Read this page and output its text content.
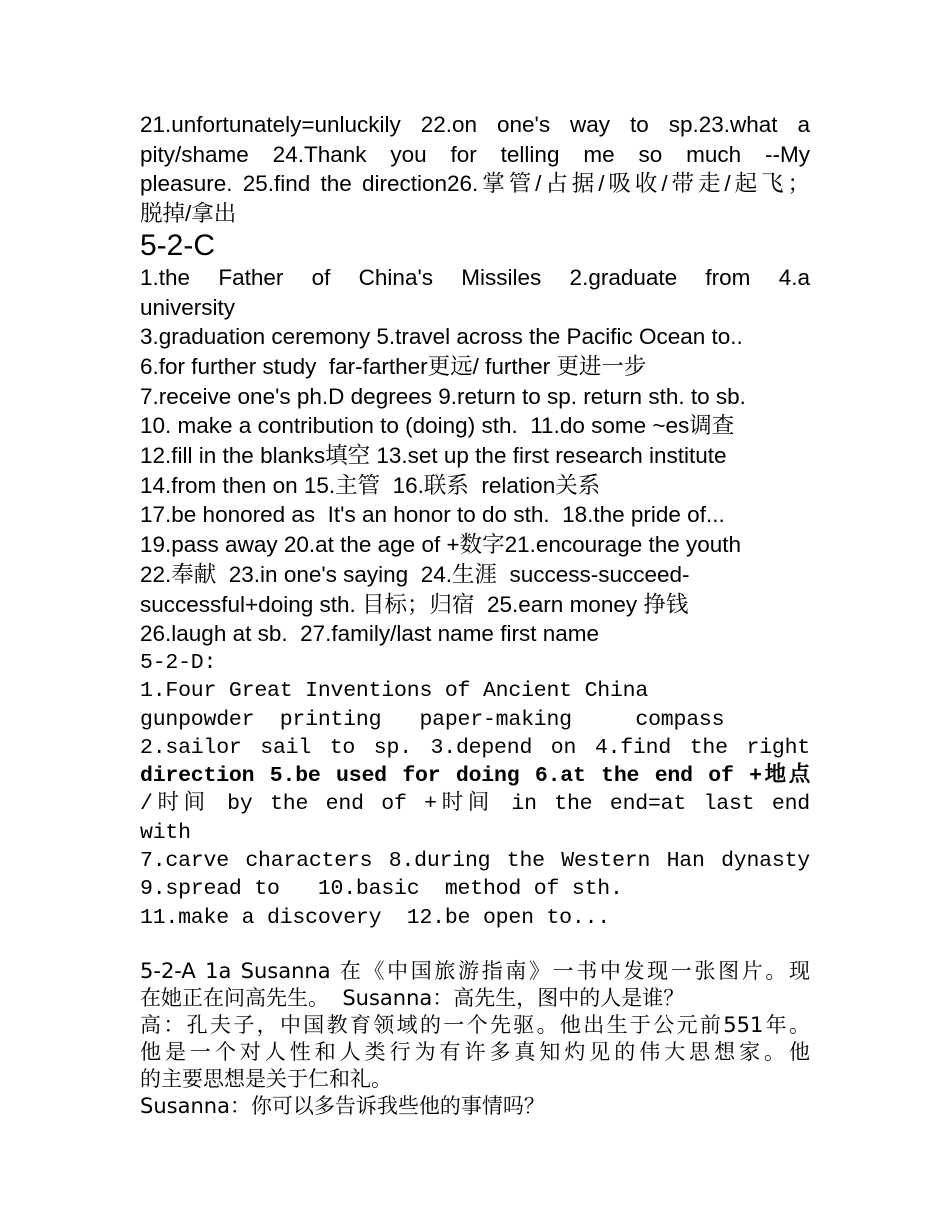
21.unfortunately=unluckily 22.on one's way to sp.23.what a
pity/shame 24.Thank you for telling me so much --My
pleasure. 25.find the direction26.掌管/占据/吸收/带走/起飞；
脱掉/拿出
5-2-C
1.the Father of China's Missiles 2.graduate from 4.a
university
3.graduation ceremony 5.travel across the Pacific Ocean to..
6.for further study  far-farther更远/ further 更进一步
7.receive one's ph.D degrees 9.return to sp. return sth. to sb.
10. make a contribution to (doing) sth.  11.do some ~es调查
12.fill in the blanks填空 13.set up the first research institute
14.from then on 15.主管  16.联系  relation关系
17.be honored as  It's an honor to do sth.  18.the pride of...
19.pass away 20.at the age of +数字21.encourage the youth
22.奉献  23.in one's saying  24.生涯  success-succeed-
successful+doing sth. 目标；归宿  25.earn money 挣钱
26.laugh at sb.  27.family/last name first name
5-2-D:
1.Four Great Inventions of Ancient China
gunpowder  printing   paper-making     compass
2.sailor sail to sp. 3.depend on 4.find the right
direction 5.be used for doing 6.at the end of +地点
/时间 by the end of +时间 in the end=at last end
with
7.carve characters 8.during the Western Han dynasty
9.spread to   10.basic  method of sth.
11.make a discovery  12.be open to...
5-2-A 1a Susanna 在《中国旅游指南》一书中发现一张图片。现
在她正在问高先生。  Susanna：高先生，图中的人是谁？
高：孔夫子，中国教育领域的一个先驱。他出生于公元前551年。
他是一个对人性和人类行为有许多真知灼见的伟大思想家。他
的主要思想是关于仁和礼。
Susanna：你可以多告诉我些他的事情吗？
